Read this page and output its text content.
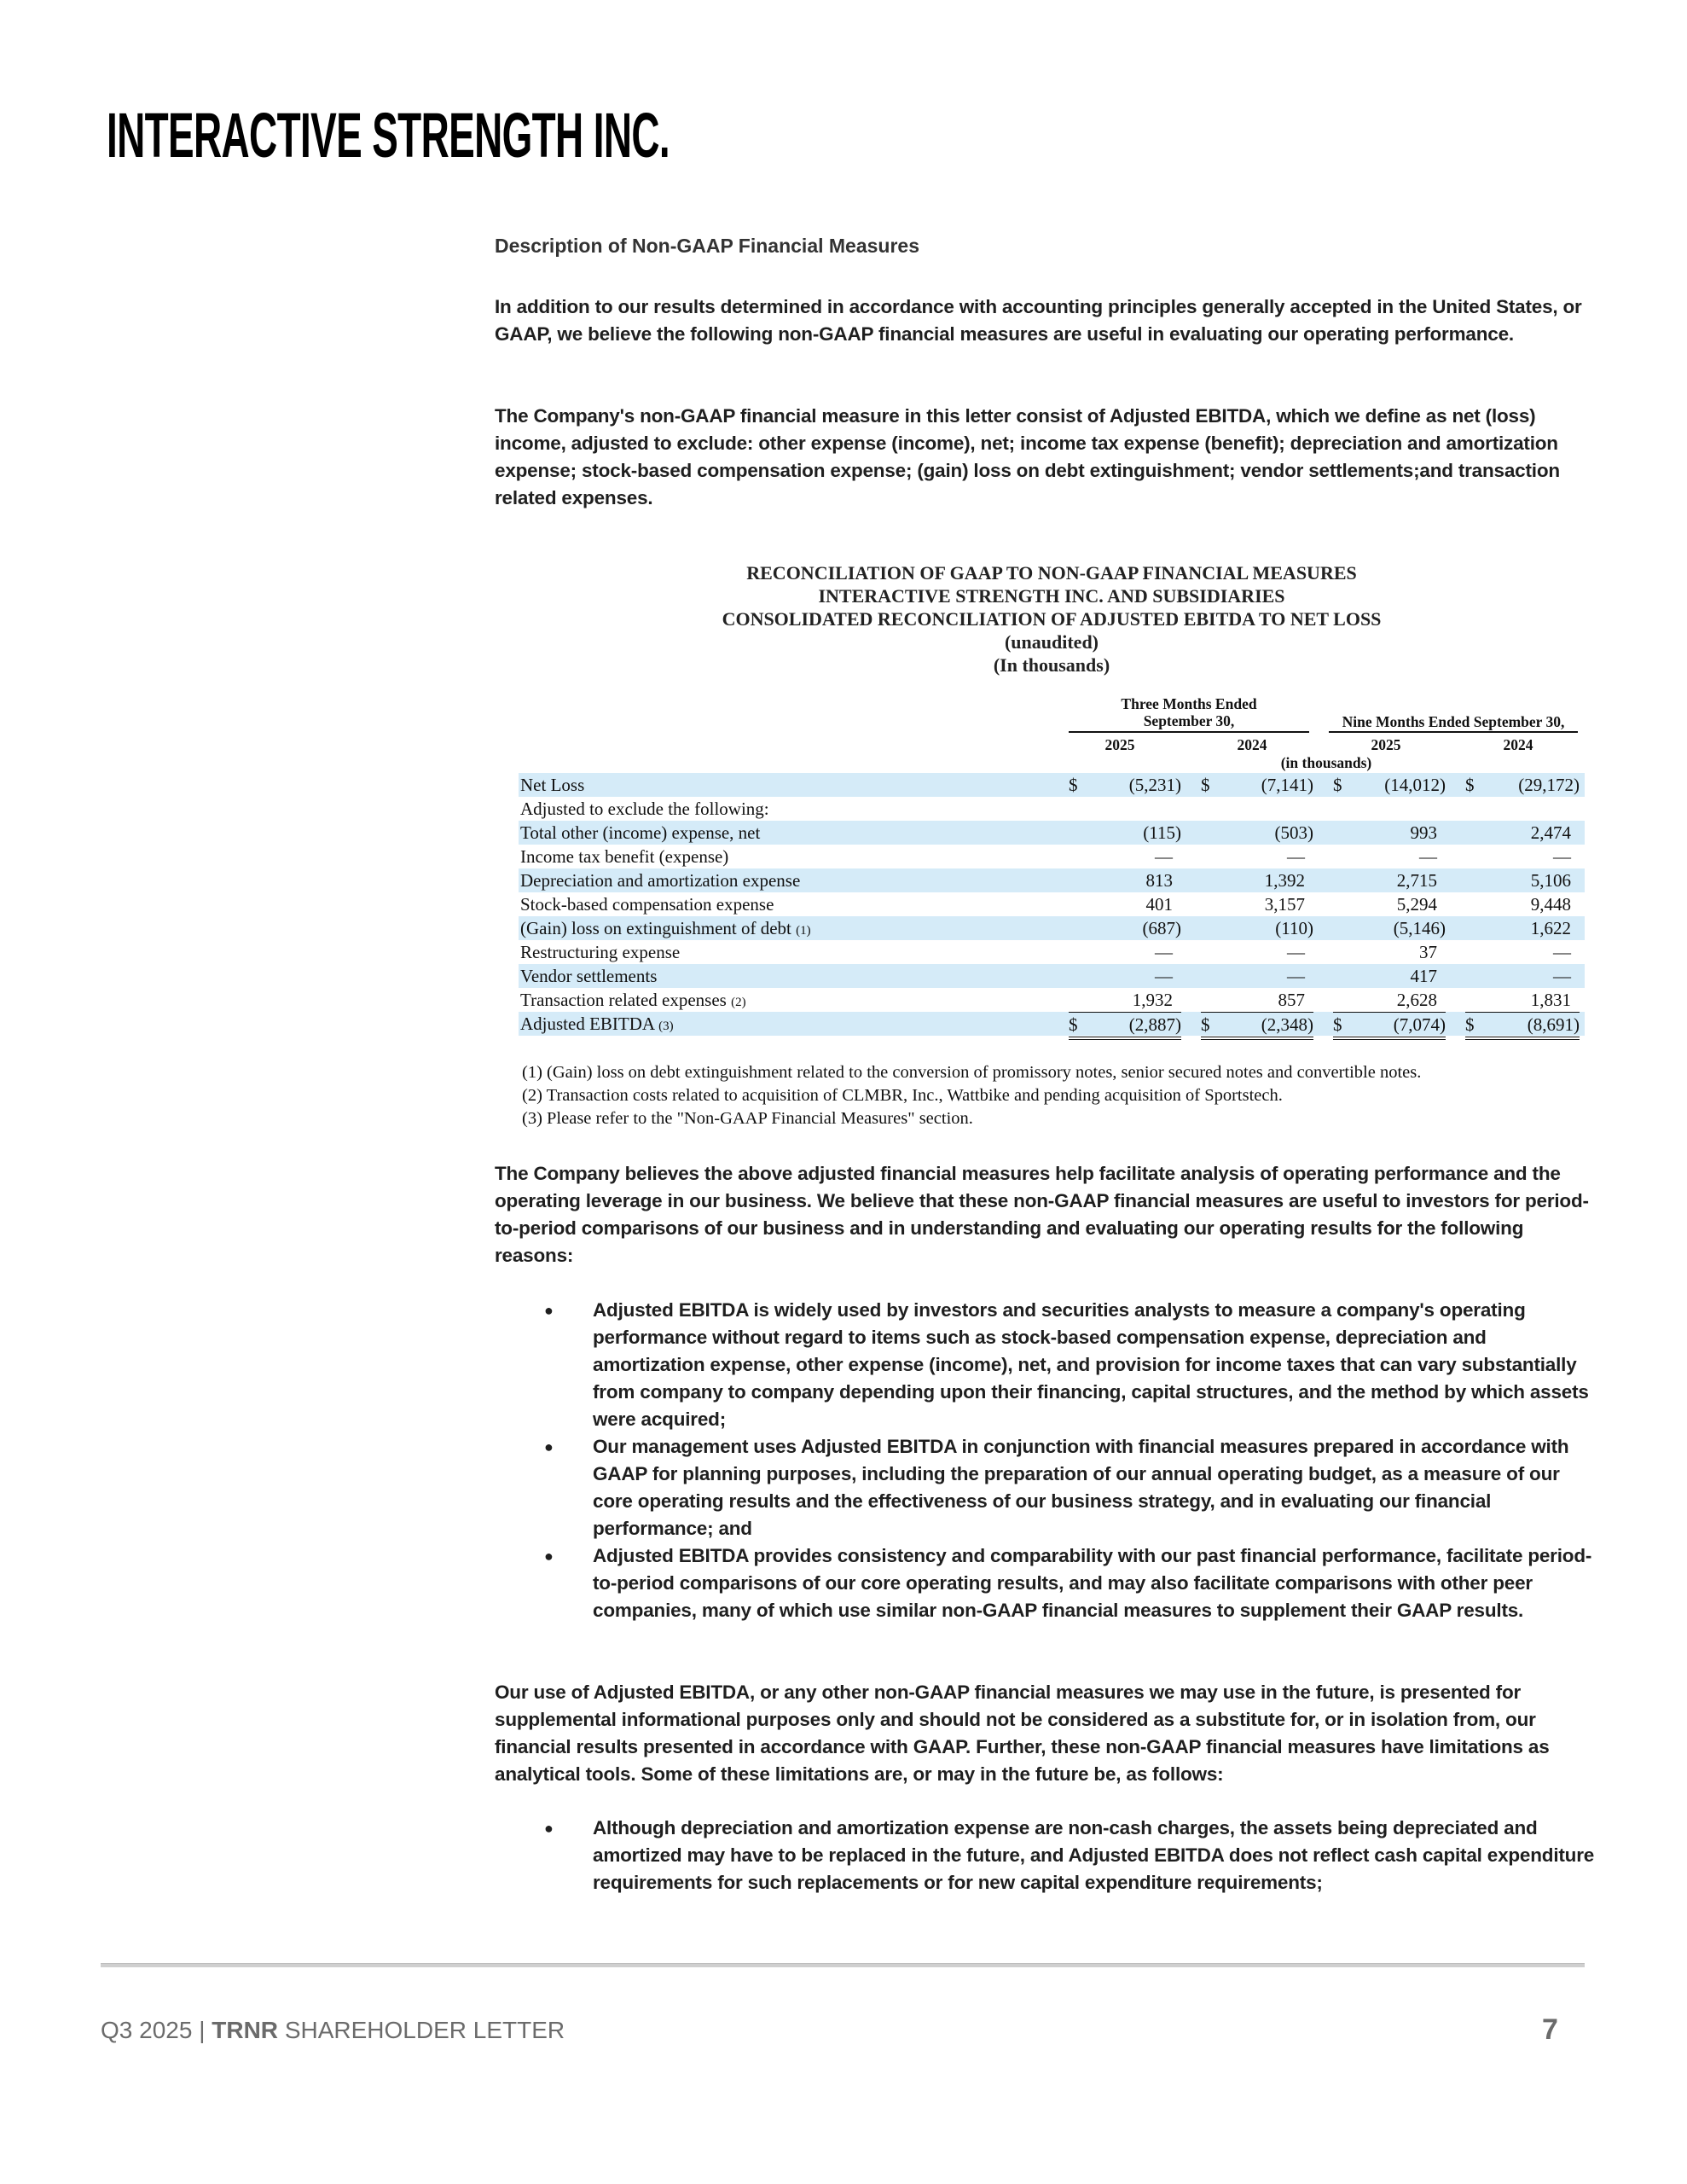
INTERACTIVE STRENGTH INC.
Description of Non-GAAP Financial Measures

In addition to our results determined in accordance with accounting principles generally accepted in the United States, or GAAP, we believe the following non-GAAP financial measures are useful in evaluating our operating performance.

The Company's non-GAAP financial measure in this letter consist of Adjusted EBITDA, which we define as net (loss) income, adjusted to exclude: other expense (income), net; income tax expense (benefit); depreciation and amortization expense; stock-based compensation expense; (gain) loss on debt extinguishment; vendor settlements;and transaction related expenses.

RECONCILIATION OF GAAP TO NON-GAAP FINANCIAL MEASURES
INTERACTIVE STRENGTH INC. AND SUBSIDIARIES
CONSOLIDATED RECONCILIATION OF ADJUSTED EBITDA TO NET LOSS
(unaudited)
(In thousands)
Three Months Ended
September 30,	Nine Months Ended September 30,
2025	2024	2025	2024
(in thousands)
Net Loss	$	(5,231) $	(7,141) $ (14,012) $ (29,172)
Adjusted to exclude the following:
Total other (income) expense, net	(115)	(503)	993	2,474
Income tax benefit (expense)	—	—	—	—
Depreciation and amortization expense	813	1,392	2,715	5,106
Stock-based compensation expense	401	3,157	5,294	9,448
(Gain) loss on extinguishment of debt (1)	(687)	(110)	(5,146)	1,622
Restructuring expense	—	—	37	—
Vendor settlements	—	—	417	—
Transaction related expenses (2)	1,932	857	2,628	1,831
Adjusted EBITDA (3)	$	(2,887) $	(2,348) $	(7,074) $	(8,691)
(1) (Gain) loss on debt extinguishment related to the conversion of promissory notes, senior secured notes and convertible notes.
(2) Transaction costs related to acquisition of CLMBR, Inc., Wattbike and pending acquisition of Sportstech.
(3) Please refer to the "Non-GAAP Financial Measures" section.

The Company believes the above adjusted financial measures help facilitate analysis of operating performance and the operating leverage in our business. We believe that these non-GAAP financial measures are useful to investors for period-to-period comparisons of our business and in understanding and evaluating our operating results for the following reasons:

● Adjusted EBITDA is widely used by investors and securities analysts to measure a company's operating performance without regard to items such as stock-based compensation expense, depreciation and amortization expense, other expense (income), net, and provision for income taxes that can vary substantially from company to company depending upon their financing, capital structures, and the method by which assets were acquired;
● Our management uses Adjusted EBITDA in conjunction with financial measures prepared in accordance with GAAP for planning purposes, including the preparation of our annual operating budget, as a measure of our core operating results and the effectiveness of our business strategy, and in evaluating our financial performance; and
● Adjusted EBITDA provides consistency and comparability with our past financial performance, facilitate period-to-period comparisons of our core operating results, and may also facilitate comparisons with other peer companies, many of which use similar non-GAAP financial measures to supplement their GAAP results.

Our use of Adjusted EBITDA, or any other non-GAAP financial measures we may use in the future, is presented for supplemental informational purposes only and should not be considered as a substitute for, or in isolation from, our financial results presented in accordance with GAAP. Further, these non-GAAP financial measures have limitations as analytical tools. Some of these limitations are, or may in the future be, as follows:

● Although depreciation and amortization expense are non-cash charges, the assets being depreciated and amortized may have to be replaced in the future, and Adjusted EBITDA does not reflect cash capital expenditure requirements for such replacements or for new capital expenditure requirements;
Q3 2025 | TRNR SHAREHOLDER LETTER	7
